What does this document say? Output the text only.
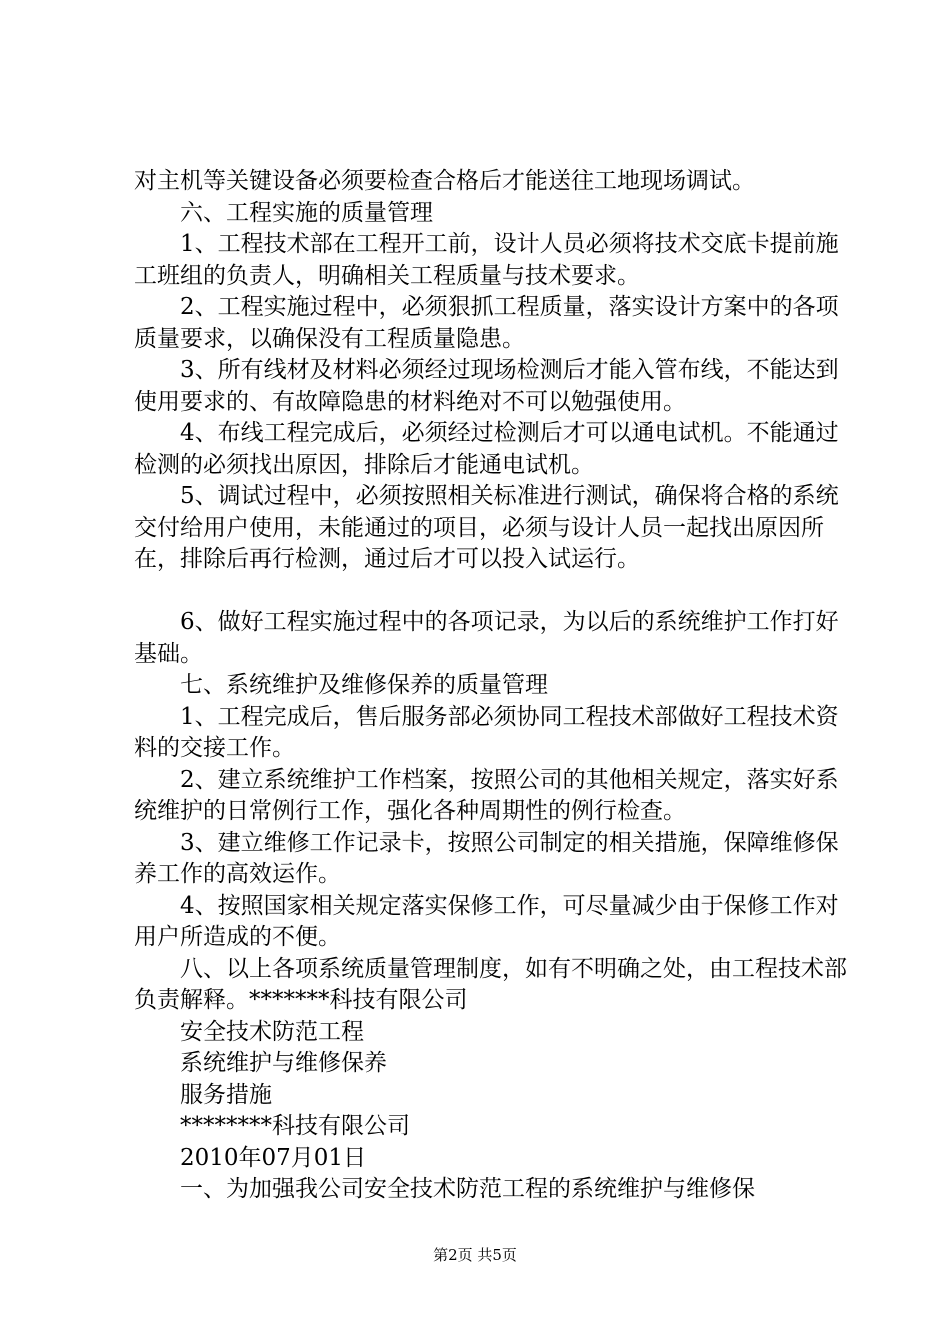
对主机等关键设备必须要检查合格后才能送往工地现场调试。

六、工程实施的质量管理

1、工程技术部在工程开工前，设计人员必须将技术交底卡提前施工班组的负责人，明确相关工程质量与技术要求。

2、工程实施过程中，必须狠抓工程质量，落实设计方案中的各项质量要求，以确保没有工程质量隐患。

3、所有线材及材料必须经过现场检测后才能入管布线，不能达到使用要求的、有故障隐患的材料绝对不可以勉强使用。

4、布线工程完成后，必须经过检测后才可以通电试机。不能通过检测的必须找出原因，排除后才能通电试机。

5、调试过程中，必须按照相关标准进行测试，确保将合格的系统交付给用户使用，未能通过的项目，必须与设计人员一起找出原因所在，排除后再行检测，通过后才可以投入试运行。

6、做好工程实施过程中的各项记录，为以后的系统维护工作打好基础。

七、系统维护及维修保养的质量管理

1、工程完成后，售后服务部必须协同工程技术部做好工程技术资料的交接工作。

2、建立系统维护工作档案，按照公司的其他相关规定，落实好系统维护的日常例行工作，强化各种周期性的例行检查。

3、建立维修工作记录卡，按照公司制定的相关措施，保障维修保养工作的高效运作。

4、按照国家相关规定落实保修工作，可尽量减少由于保修工作对用户所造成的不便。

八、以上各项系统质量管理制度，如有不明确之处，由工程技术部负责解释。*******科技有限公司

安全技术防范工程

系统维护与维修保养

服务措施

********科技有限公司

2010年07月01日

一、为加强我公司安全技术防范工程的系统维护与维修保

第2页 共5页
